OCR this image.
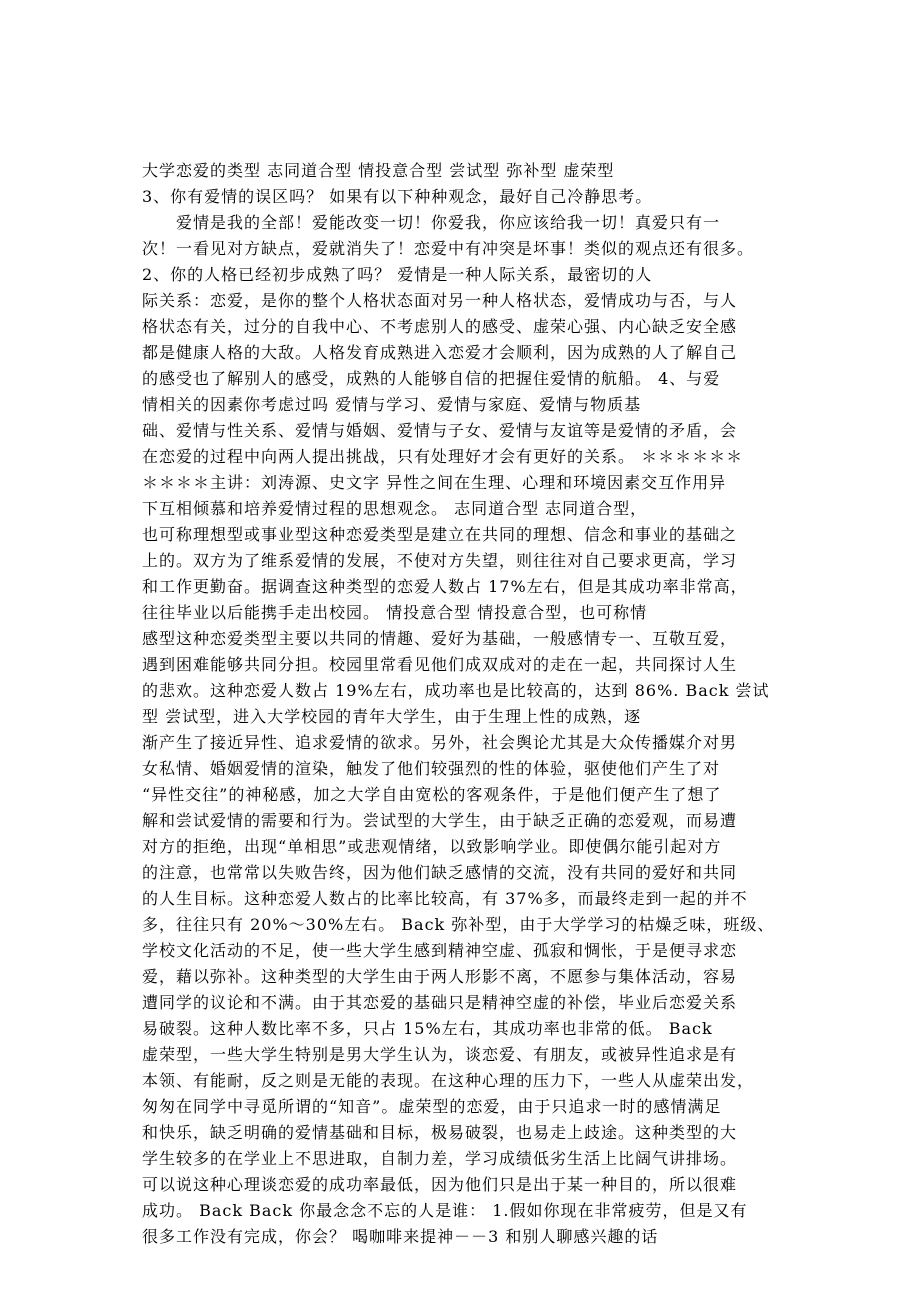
大学恋爱的类型 志同道合型 情投意合型 尝试型 弥补型 虚荣型
3、你有爱情的误区吗？ 如果有以下种种观念，最好自己冷静思考。
爱情是我的全部！爱能改变一切！你爱我，你应该给我一切！真爱只有一
次！一看见对方缺点，爱就消失了！恋爱中有冲突是坏事！类似的观点还有很多。
2、你的人格已经初步成熟了吗？ 爱情是一种人际关系，最密切的人
际关系：恋爱，是你的整个人格状态面对另一种人格状态，爱情成功与否，与人
格状态有关，过分的自我中心、不考虑别人的感受、虚荣心强、内心缺乏安全感
都是健康人格的大敌。人格发育成熟进入恋爱才会顺利，因为成熟的人了解自己
的感受也了解别人的感受，成熟的人能够自信的把握住爱情的航船。 4、与爱
情相关的因素你考虑过吗 爱情与学习、爱情与家庭、爱情与物质基
础、爱情与性关系、爱情与婚姻、爱情与子女、爱情与友谊等是爱情的矛盾，会
在恋爱的过程中向两人提出挑战，只有处理好才会有更好的关系。 ＊＊＊＊＊＊
＊＊＊＊主讲：刘涛源、史文字 异性之间在生理、心理和环境因素交互作用异
下互相倾慕和培养爱情过程的思想观念。 志同道合型 志同道合型，
也可称理想型或事业型这种恋爱类型是建立在共同的理想、信念和事业的基础之
上的。双方为了维系爱情的发展，不使对方失望，则往往对自己要求更高，学习
和工作更勤奋。据调查这种类型的恋爱人数占 17%左右，但是其成功率非常高，
往往毕业以后能携手走出校园。 情投意合型 情投意合型，也可称情
感型这种恋爱类型主要以共同的情趣、爱好为基础，一般感情专一、互敬互爱，
遇到困难能够共同分担。校园里常看见他们成双成对的走在一起，共同探讨人生
的悲欢。这种恋爱人数占 19%左右，成功率也是比较高的，达到 86%. Back 尝试
型 尝试型，进入大学校园的青年大学生，由于生理上性的成熟，逐
渐产生了接近异性、追求爱情的欲求。另外，社会舆论尤其是大众传播媒介对男
女私情、婚姻爱情的渲染，触发了他们较强烈的性的体验，驱使他们产生了对
“异性交往”的神秘感，加之大学自由宽松的客观条件，于是他们便产生了想了
解和尝试爱情的需要和行为。尝试型的大学生，由于缺乏正确的恋爱观，而易遭
对方的拒绝，出现“单相思”或悲观情绪，以致影响学业。即使偶尔能引起对方
的注意，也常常以失败告终，因为他们缺乏感情的交流，没有共同的爱好和共同
的人生目标。这种恋爱人数占的比率比较高，有 37%多，而最终走到一起的并不
多，往往只有 20%～30%左右。 Back 弥补型，由于大学学习的枯燥乏味，班级、
学校文化活动的不足，使一些大学生感到精神空虚、孤寂和惆怅，于是便寻求恋
爱，藉以弥补。这种类型的大学生由于两人形影不离，不愿参与集体活动，容易
遭同学的议论和不满。由于其恋爱的基础只是精神空虚的补偿，毕业后恋爱关系
易破裂。这种人数比率不多，只占 15%左右，其成功率也非常的低。 Back
虚荣型，一些大学生特别是男大学生认为，谈恋爱、有朋友，或被异性追求是有
本领、有能耐，反之则是无能的表现。在这种心理的压力下，一些人从虚荣出发，
匆匆在同学中寻觅所谓的“知音”。虚荣型的恋爱，由于只追求一时的感情满足
和快乐，缺乏明确的爱情基础和目标，极易破裂，也易走上歧途。这种类型的大
学生较多的在学业上不思进取，自制力差，学习成绩低劣生活上比阔气讲排场。
可以说这种心理谈恋爱的成功率最低，因为他们只是出于某一种目的，所以很难
成功。 Back Back 你最念念不忘的人是谁： 1.假如你现在非常疲劳，但是又有
很多工作没有完成，你会？ 喝咖啡来提神－－3 和别人聊感兴趣的话
